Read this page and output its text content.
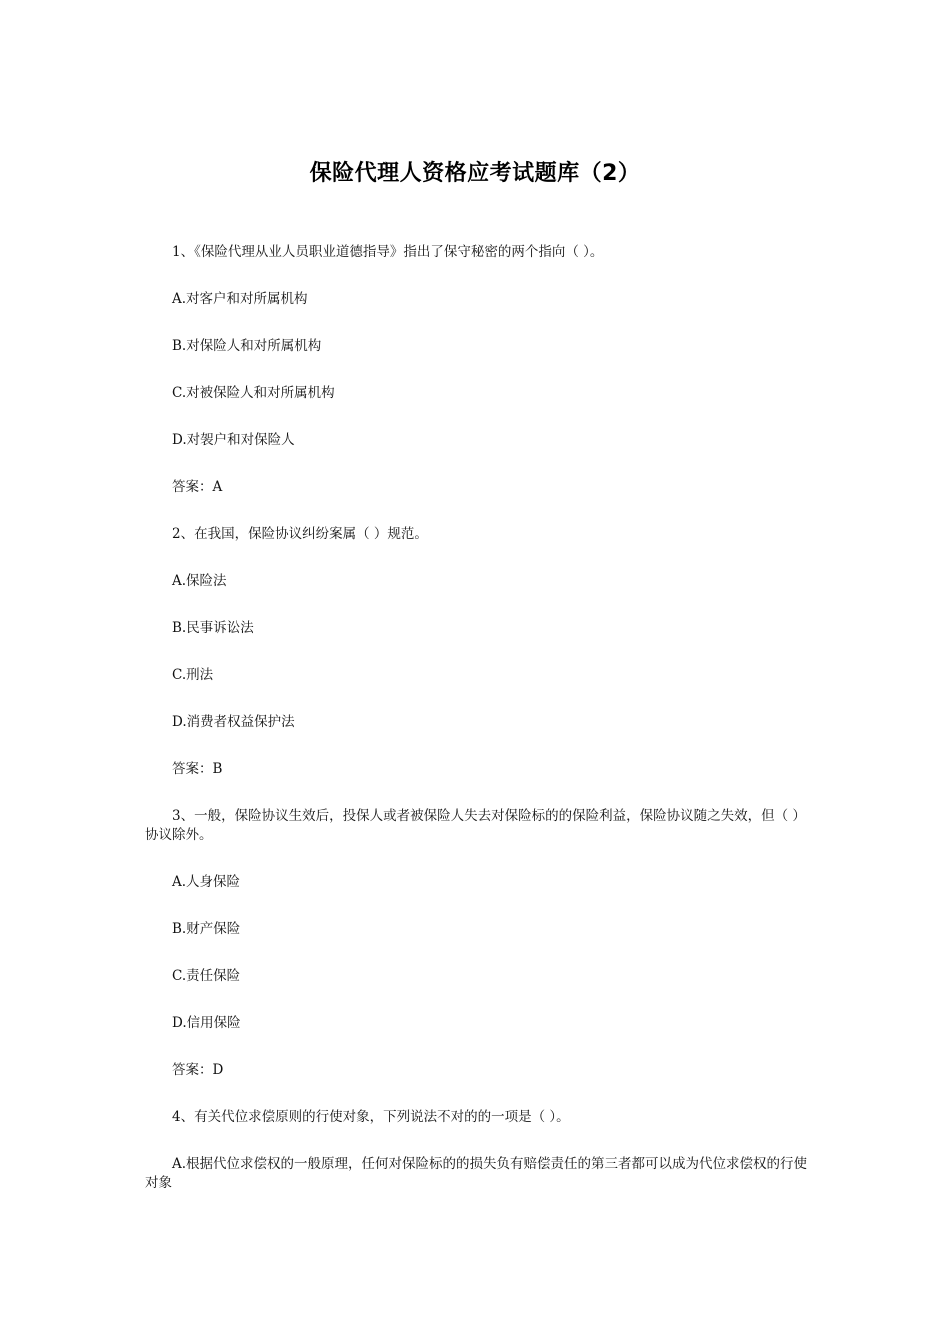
保险代理人资格应考试题库（2）

1、《保险代理从业人员职业道德指导》指出了保守秘密的两个指向（ ）。

A.对客户和对所属机构

B.对保险人和对所属机构

C.对被保险人和对所属机构

D.对袈户和对保险人

答案：A

2、在我国，保险协议纠纷案属（ ）规范。

A.保险法

B.民事诉讼法

C.刑法

D.消费者权益保护法

答案：B

3、一般，保险协议生效后，投保人或者被保险人失去对保险标的的保险利益，保险协议随之失效，但（ ）协议除外。

A.人身保险

B.财产保险

C.责任保险

D.信用保险

答案：D

4、有关代位求偿原则的行使对象，下列说法不对的的一项是（ ）。

A.根据代位求偿权的一般原理，任何对保险标的的损失负有赔偿责任的第三者都可以成为代位求偿权的行使对象
